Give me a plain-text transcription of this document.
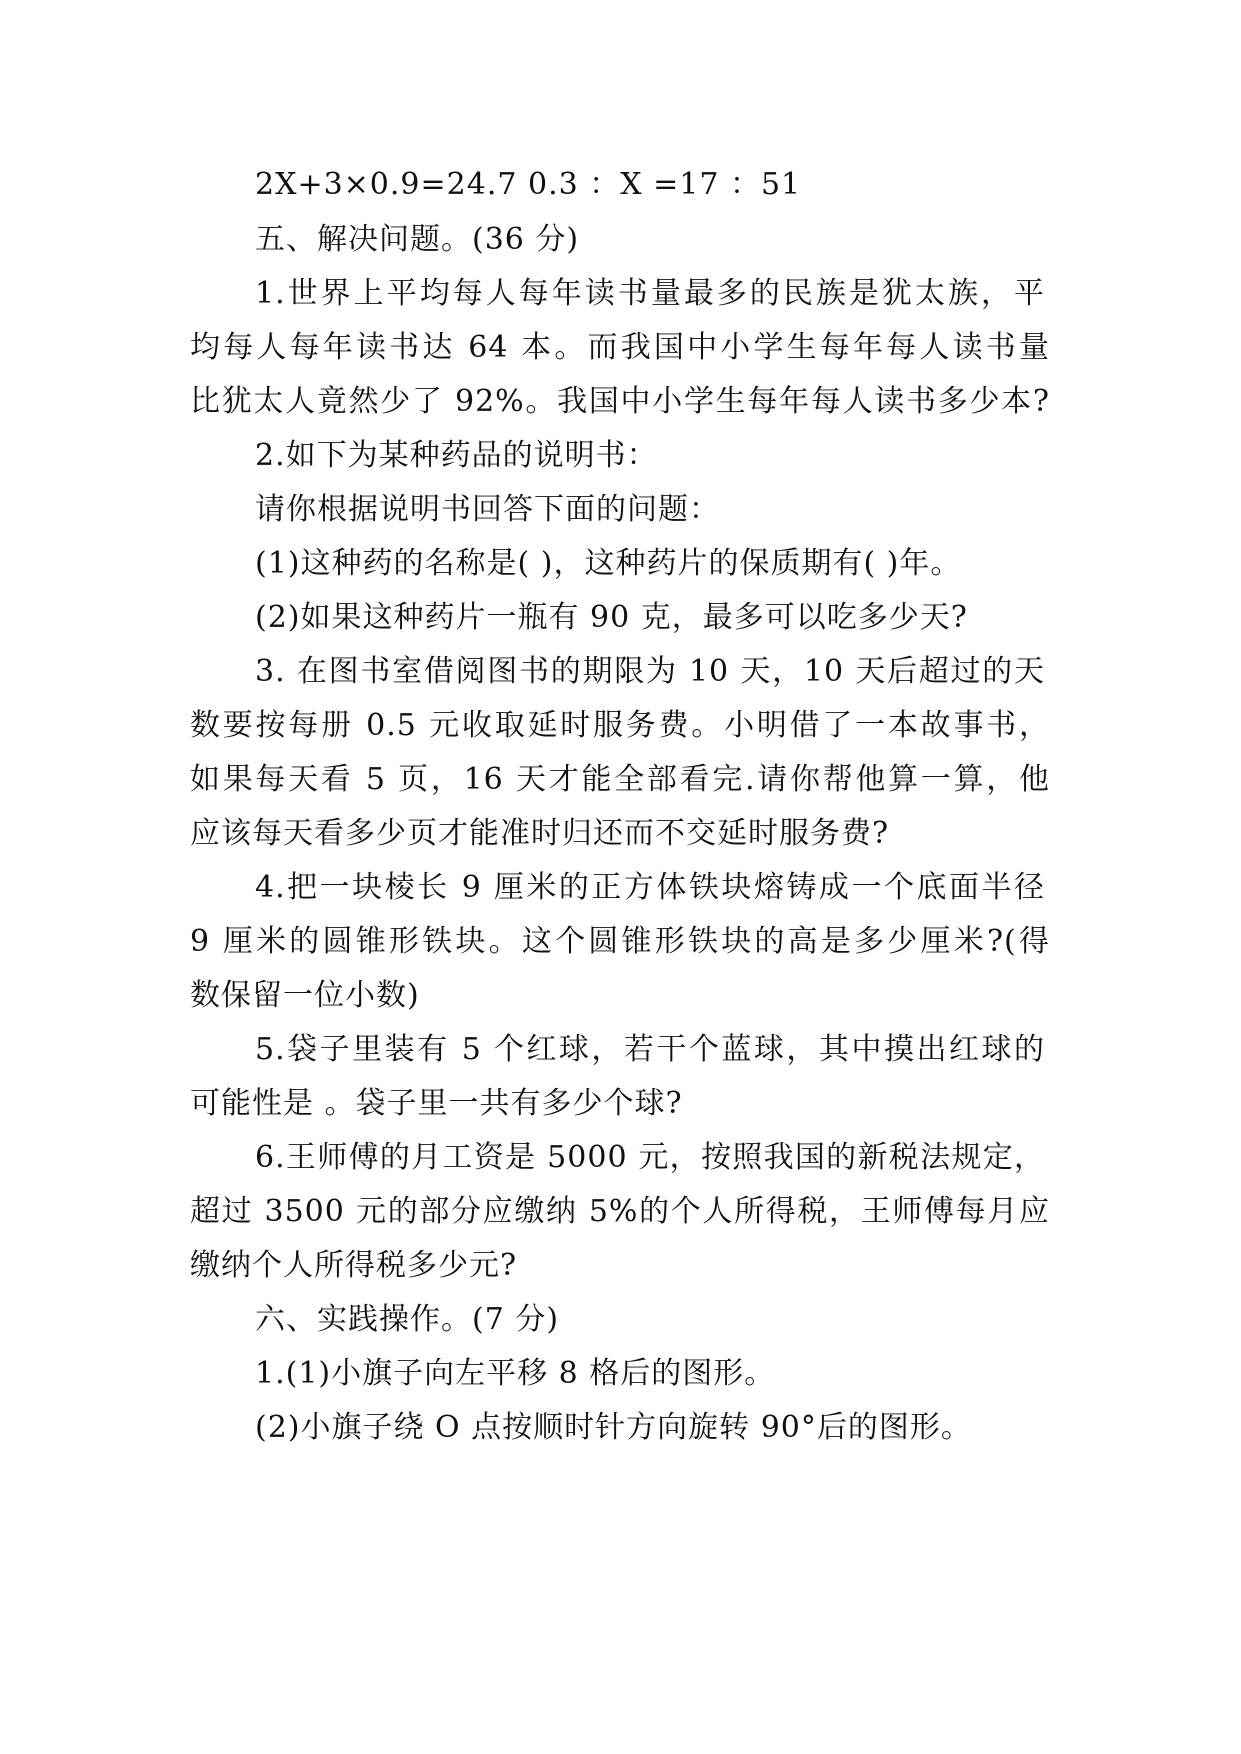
2X+3×0.9=24.7 0.3 ：X =17 ：51
五、解决问题。(36 分)
1.世界上平均每人每年读书量最多的民族是犹太族，平
均每人每年读书达 64 本。而我国中小学生每年每人读书量
比犹太人竟然少了 92%。我国中小学生每年每人读书多少本?
2.如下为某种药品的说明书：
请你根据说明书回答下面的问题：
(1)这种药的名称是( )，这种药片的保质期有( )年。
(2)如果这种药片一瓶有 90 克，最多可以吃多少天?
3. 在图书室借阅图书的期限为 10 天，10 天后超过的天
数要按每册 0.5 元收取延时服务费。小明借了一本故事书，
如果每天看 5 页，16 天才能全部看完.请你帮他算一算，他
应该每天看多少页才能准时归还而不交延时服务费?
4.把一块棱长 9 厘米的正方体铁块熔铸成一个底面半径
9 厘米的圆锥形铁块。这个圆锥形铁块的高是多少厘米?(得
数保留一位小数)
5.袋子里装有 5 个红球，若干个蓝球，其中摸出红球的
可能性是 。袋子里一共有多少个球?
6.王师傅的月工资是 5000 元，按照我国的新税法规定，
超过 3500 元的部分应缴纳 5%的个人所得税，王师傅每月应
缴纳个人所得税多少元?
六、实践操作。(7 分)
1.(1)小旗子向左平移 8 格后的图形。
(2)小旗子绕 O 点按顺时针方向旋转 90°后的图形。
